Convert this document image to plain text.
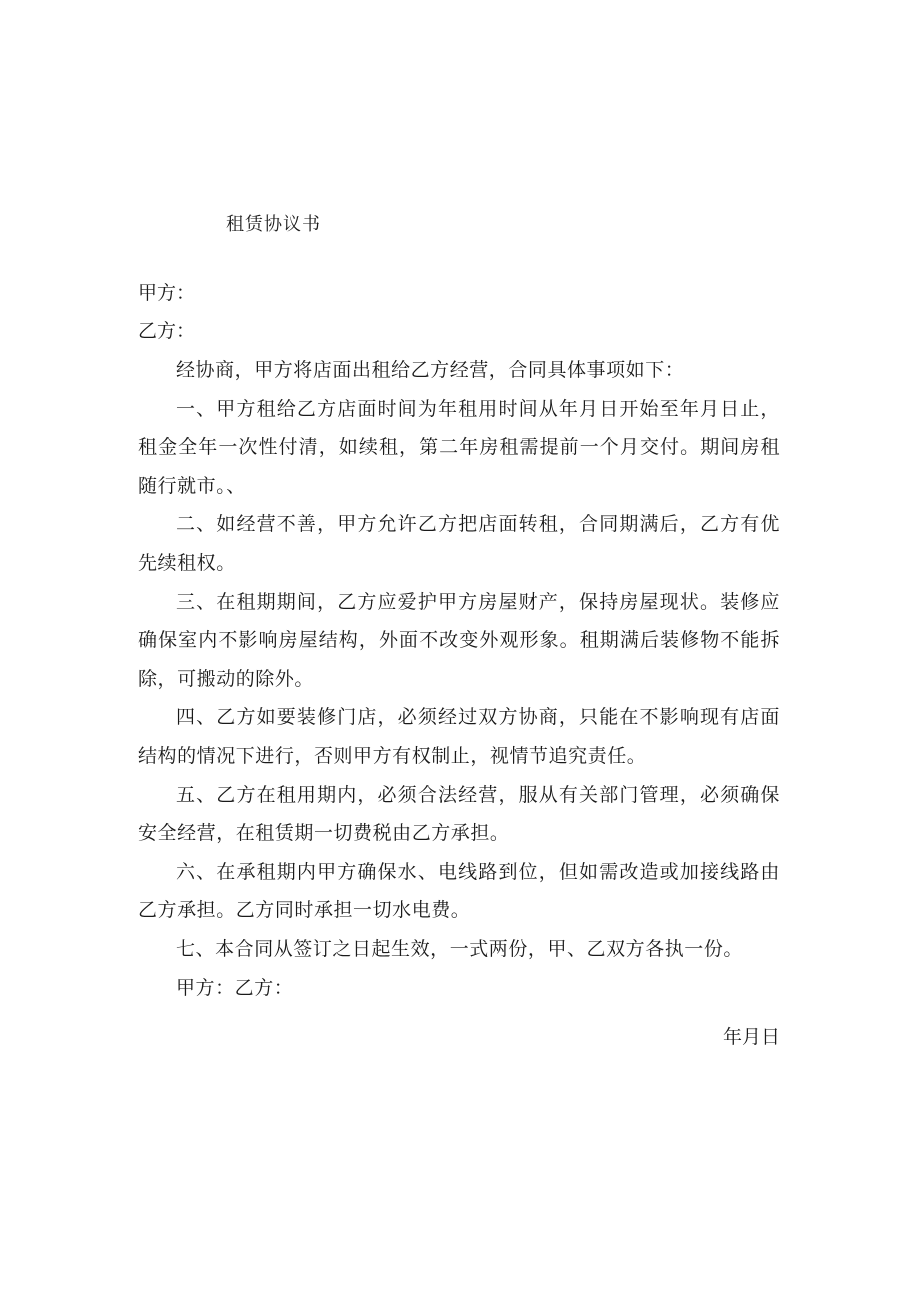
租赁协议书
甲方：
乙方：

经协商，甲方将店面出租给乙方经营，合同具体事项如下：

一、甲方租给乙方店面时间为年租用时间从年月日开始至年月日止，租金全年一次性付清，如续租，第二年房租需提前一个月交付。期间房租随行就市。、

二、如经营不善，甲方允许乙方把店面转租，合同期满后，乙方有优先续租权。

三、在租期期间，乙方应爱护甲方房屋财产，保持房屋现状。装修应确保室内不影响房屋结构，外面不改变外观形象。租期满后装修物不能拆除，可搬动的除外。

四、乙方如要装修门店，必须经过双方协商，只能在不影响现有店面结构的情况下进行，否则甲方有权制止，视情节追究责任。

五、乙方在租用期内，必须合法经营，服从有关部门管理，必须确保安全经营，在租赁期一切费税由乙方承担。

六、在承租期内甲方确保水、电线路到位，但如需改造或加接线路由乙方承担。乙方同时承担一切水电费。

七、本合同从签订之日起生效，一式两份，甲、乙双方各执一份。

甲方：乙方：

年月日
